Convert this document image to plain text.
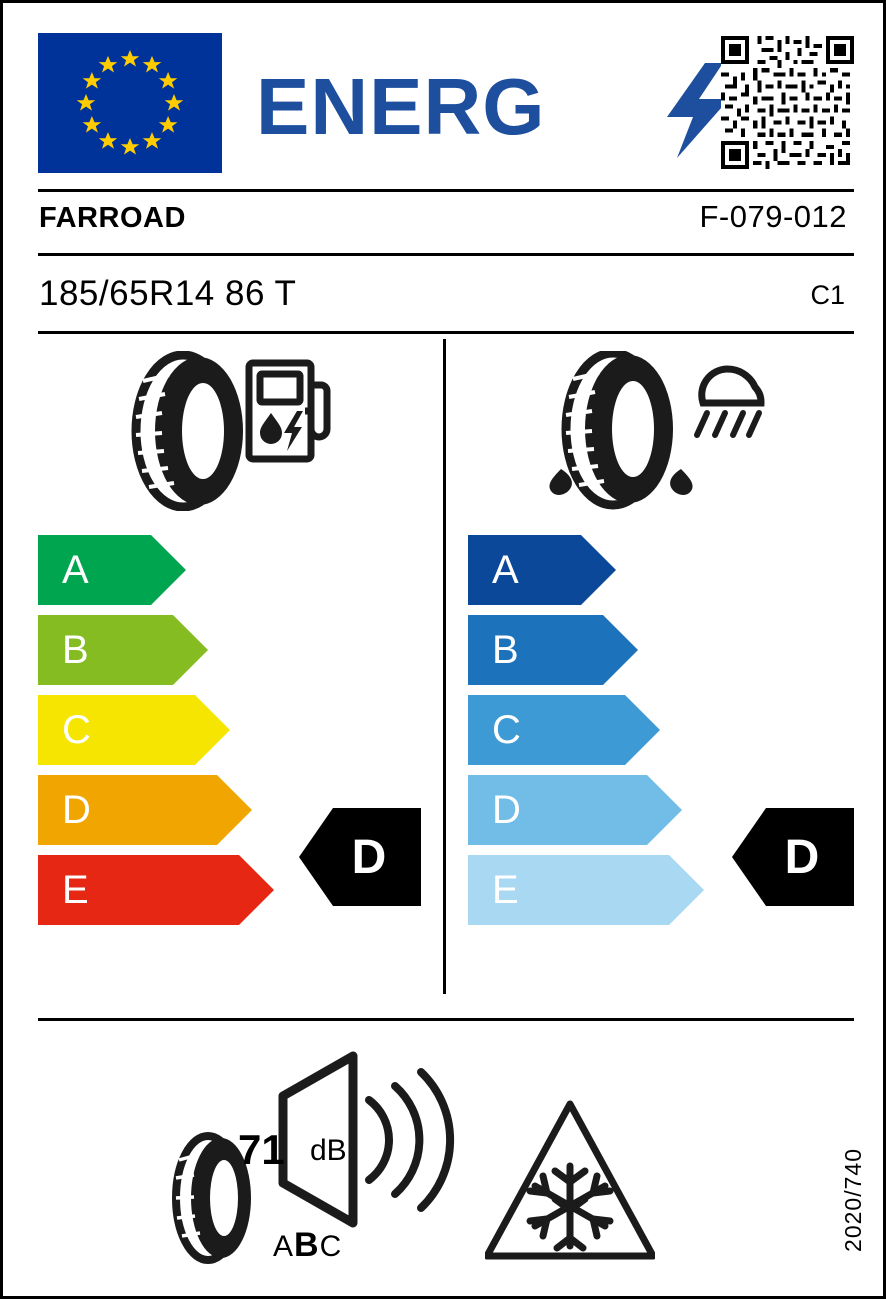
ENERG
FARROAD	F-079-012
185/65R14 86 T	C1
A
B
C
D
E
A
B
C
D
E
D	D
71 dB
ABC	2020/740
